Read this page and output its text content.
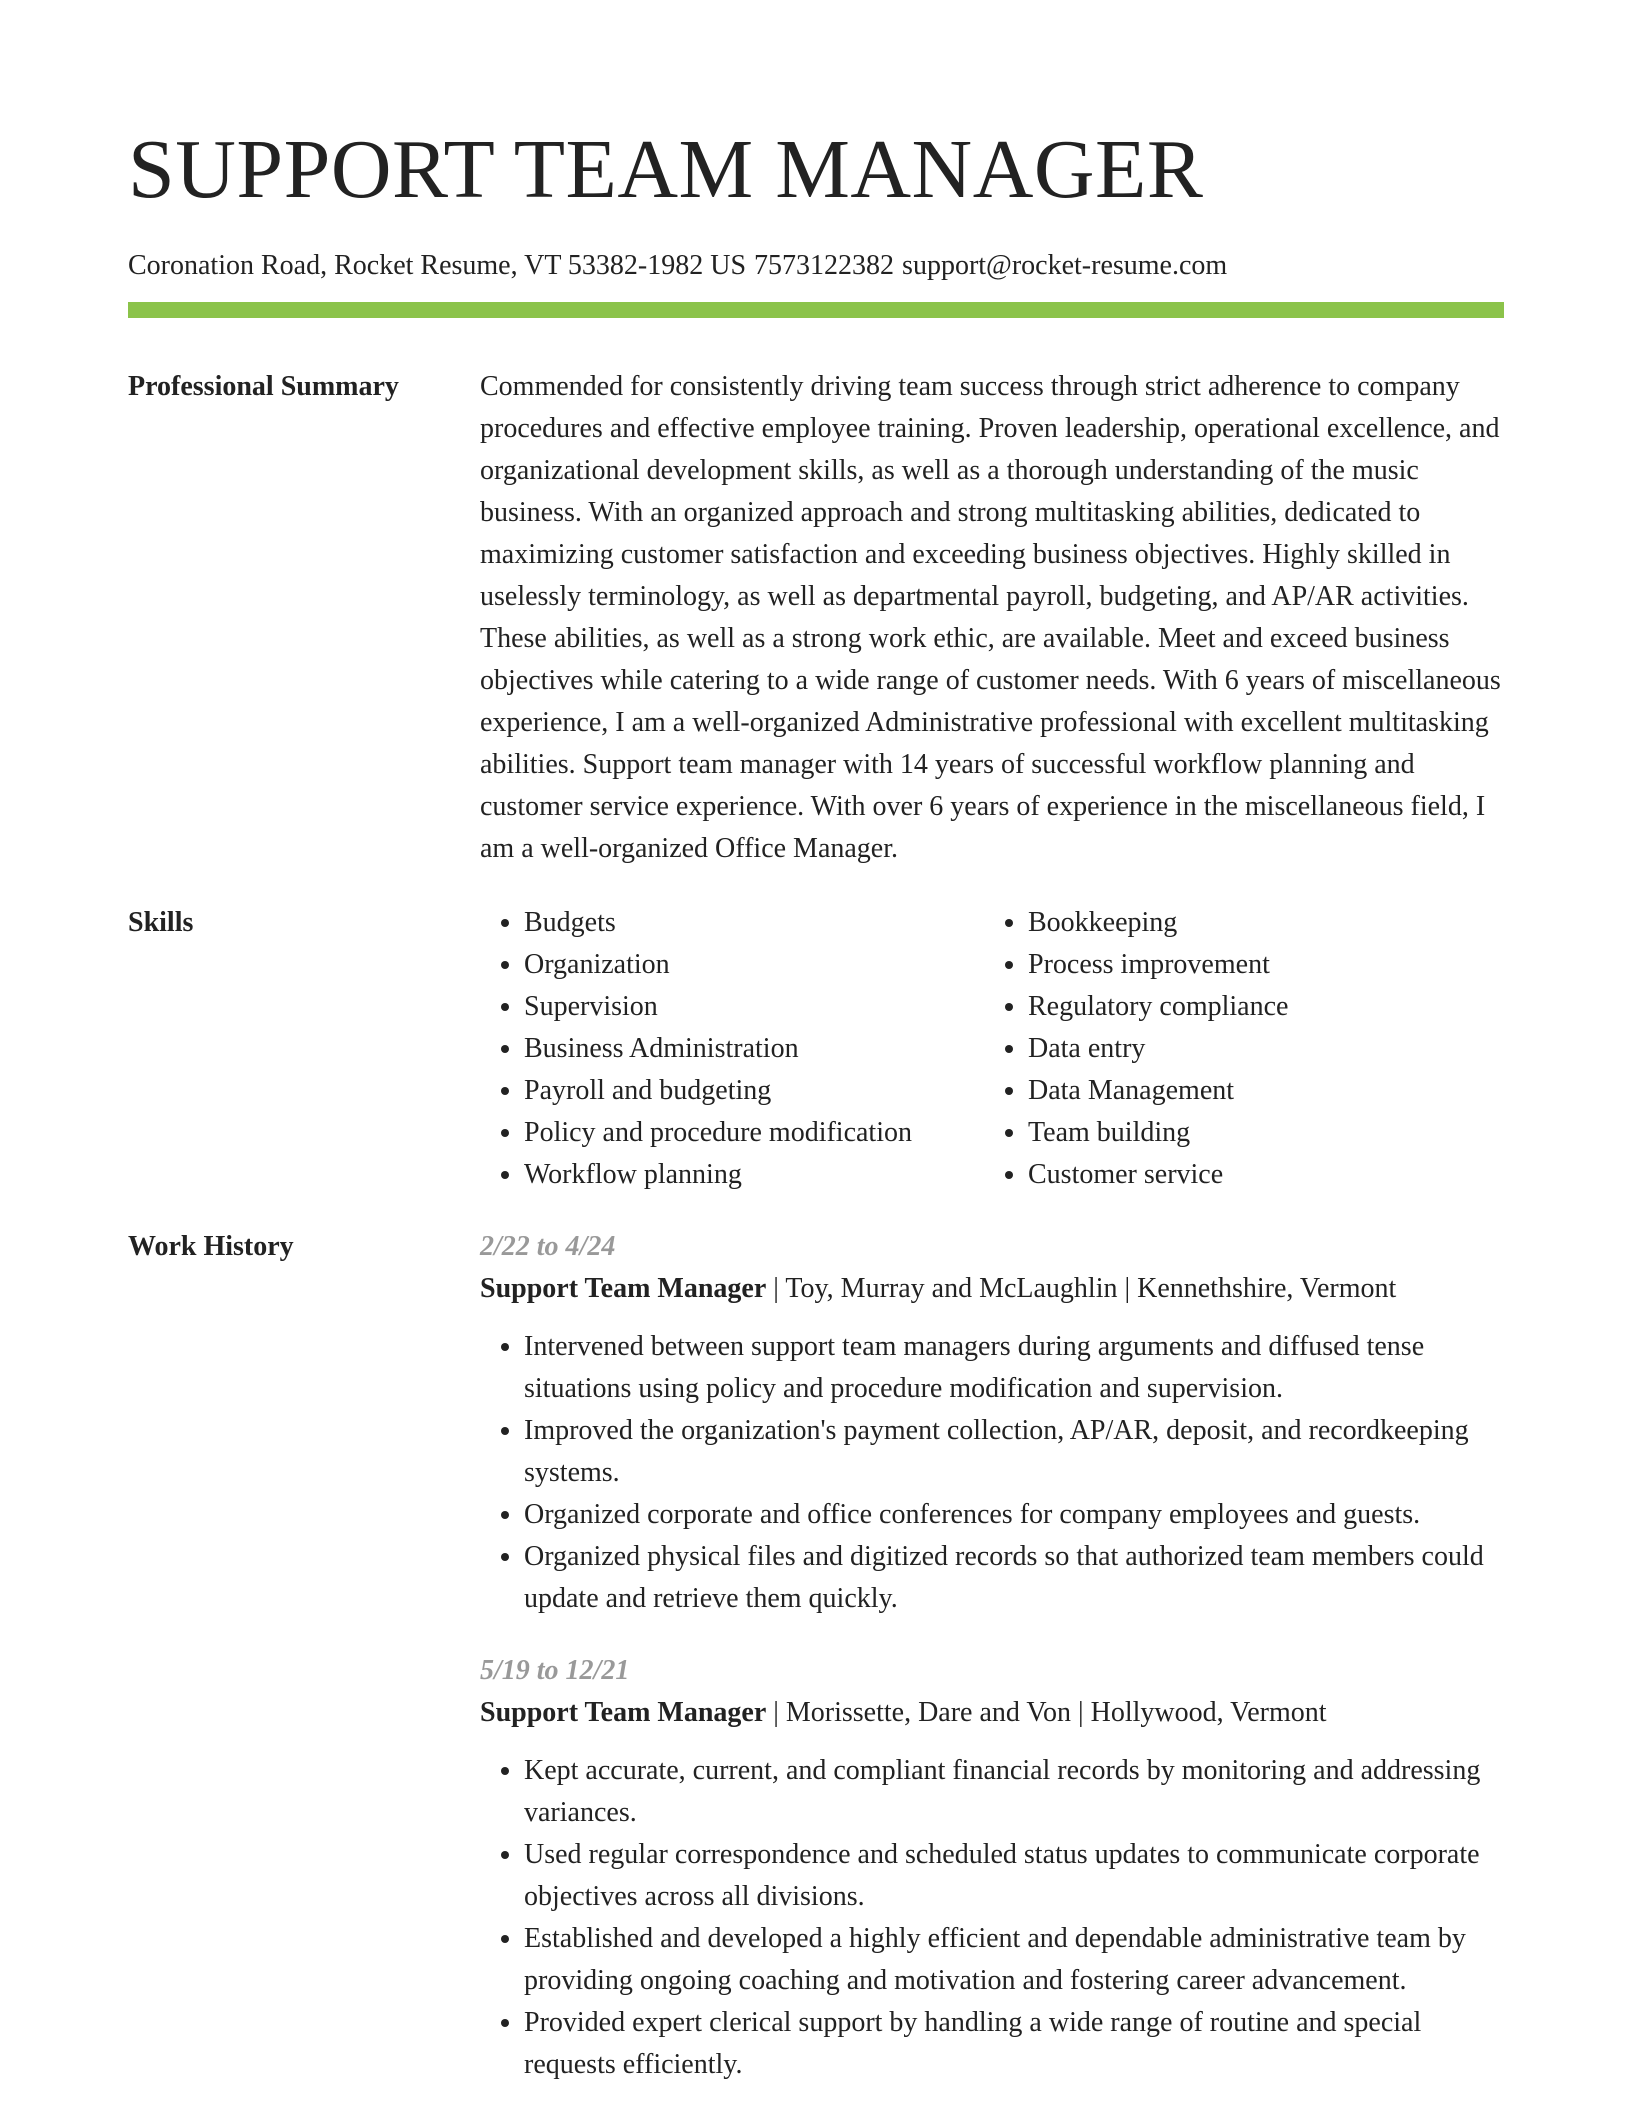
SUPPORT TEAM MANAGER
Coronation Road, Rocket Resume, VT 53382-1982 US 7573122382 support@rocket-resume.com
Professional Summary	Commended for consistently driving team success through strict adherence to company procedures and effective employee training. Proven leadership, operational excellence, and organizational development skills, as well as a thorough understanding of the music business. With an organized approach and strong multitasking abilities, dedicated to maximizing customer satisfaction and exceeding business objectives. Highly skilled in uselessly terminology, as well as departmental payroll, budgeting, and AP/AR activities. These abilities, as well as a strong work ethic, are available. Meet and exceed business objectives while catering to a wide range of customer needs. With 6 years of miscellaneous experience, I am a well-organized Administrative professional with excellent multitasking abilities. Support team manager with 14 years of successful workflow planning and customer service experience. With over 6 years of experience in the miscellaneous field, I am a well-organized Office Manager.

Skills
•	Budgets
• Organization
• Supervision
• Business Administration
• Payroll and budgeting
• Policy and procedure modification
• Workflow planning
• Bookkeeping
• Process improvement
• Regulatory compliance
• Data entry
• Data Management
• Team building
• Customer service
Work History	2/22 to 4/24
Support Team Manager | Toy, Murray and McLaughlin | Kennethshire, Vermont
• Intervened between support team managers during arguments and diffused tense situations using policy and procedure modification and supervision.
• Improved the organization's payment collection, AP/AR, deposit, and recordkeeping systems.
• Organized corporate and office conferences for company employees and guests.
• Organized physical files and digitized records so that authorized team members could update and retrieve them quickly.
5/19 to 12/21
Support Team Manager | Morissette, Dare and Von | Hollywood, Vermont
• Kept accurate, current, and compliant financial records by monitoring and addressing variances.
• Used regular correspondence and scheduled status updates to communicate corporate objectives across all divisions.
• Established and developed a highly efficient and dependable administrative team by providing ongoing coaching and motivation and fostering career advancement.
• Provided expert clerical support by handling a wide range of routine and special requests efficiently.
